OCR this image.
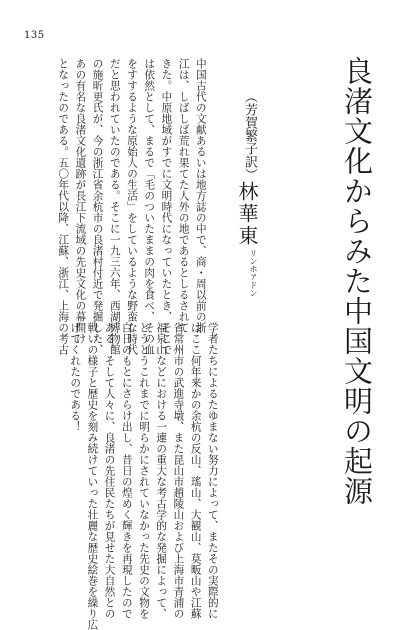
135
良渚文化からみた中国文明の起源
リンホアドン
林華東
（芳賀繁子訳）
中国古代の文献あるいは地方誌の中で、商・周以前の浙
江は、しばしば荒れ果てた人外の地であるとしるされて
きた。中原地域がすでに文明時代になっていたとき、そこで
は依然として、まるで「毛のついたままの肉を食べ、その血
をすするような原始人の生活」をしているような野蛮な時代
だと思われていたのである。そこに一九三六年、西湖博物館
の施昕更氏が、今の浙江省余杭市の良渚村付近で発掘した、
あの有名な良渚文化遺跡が長江下流域の先史文化の幕開け
となったのである。五〇年代以降、江蘇、浙江、上海の考古
学者たちによるたゆまない努力によって、またその実際的に
はここ何年来かの余杭の反山、瑤山、大観山、莫畈山や江蘇
省常州市の武進寺墩、また昆山市趙陵山および上海市青浦の
福泉山などにおける一連の重大な考古学的な発掘によって、
とうとうこれまでに明らかにされていなかった先史の文物を
白日のもとにさらけ出し、昔日の煌めく輝きを再現したので
ある。そして人々に、良渚の先住民たちが見せた大自然との
戦いの様子と歴史を刻み続けていった壮麗な歴史絵巻を繰り広
げてくれたのである！
